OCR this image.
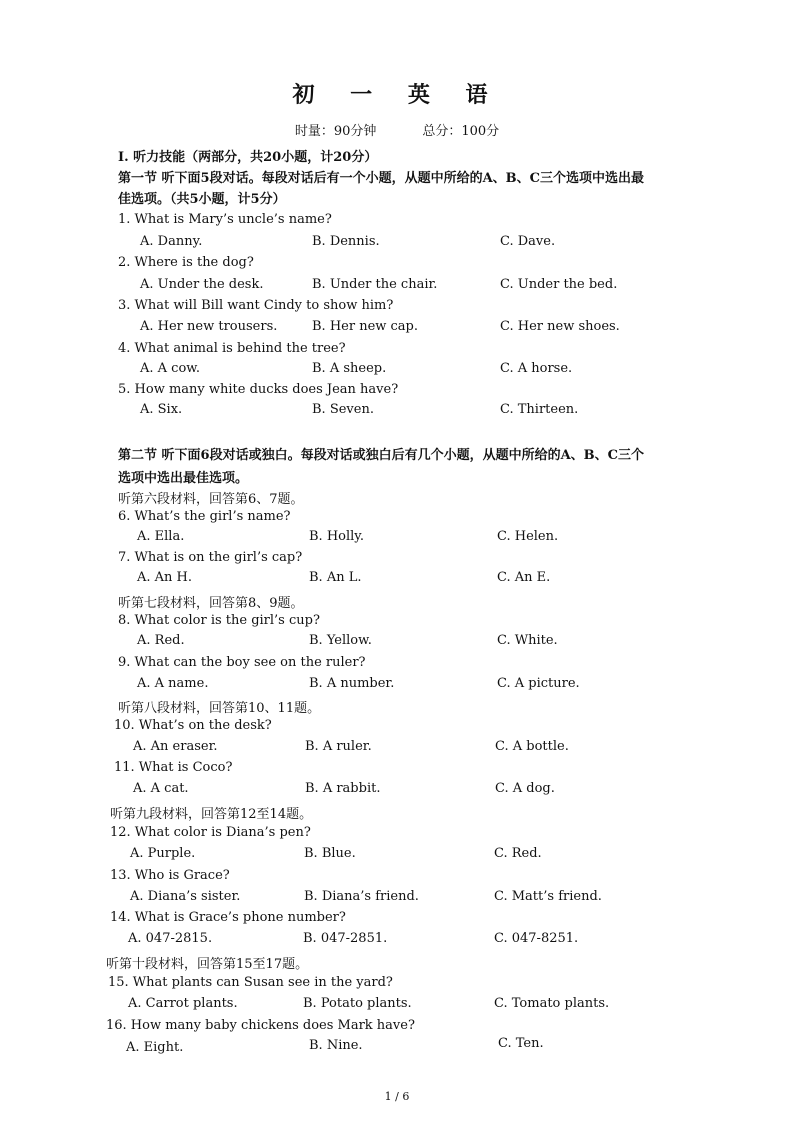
初 一 英 语
时量：90分钟	总分：100分
I. 听力技能（两部分，共20小题，计20分）
第一节 听下面5段对话。每段对话后有一个小题，从题中所给的A、B、C三个选项中选出最
佳选项。（共5小题，计5分）
1. What is Mary’s uncle’s name?
A. Danny.	B. Dennis.	C. Dave.
2. Where is the dog?
A. Under the desk.	B. Under the chair.	C. Under the bed.
3. What will Bill want Cindy to show him?
A. Her new trousers.	B. Her new cap.	C. Her new shoes.
4. What animal is behind the tree?
A. A cow.	B. A sheep.	C. A horse.
5. How many white ducks does Jean have?
A. Six.	B. Seven.	C. Thirteen.
第二节 听下面6段对话或独白。每段对话或独白后有几个小题，从题中所给的A、B、C三个
选项中选出最佳选项。
听第六段材料，回答第6、7题。
6. What’s the girl’s name?
A. Ella.	B. Holly.	C. Helen.
7. What is on the girl’s cap?
A. An H.	B. An L.	C. An E.
听第七段材料，回答第8、9题。
8. What color is the girl’s cup?
A. Red.	B. Yellow.	C. White.
9. What can the boy see on the ruler?
A. A name.	B. A number.	C. A picture.
听第八段材料，回答第10、11题。
10. What’s on the desk?
A. An eraser.	B. A ruler.	C. A bottle.
11. What is Coco?
A. A cat.	B. A rabbit.	C. A dog.
听第九段材料，回答第12至14题。
12. What color is Diana’s pen?
A. Purple.	B. Blue.	C. Red.
13. Who is Grace?
A. Diana’s sister.	B. Diana’s friend.	C. Matt’s friend.
14. What is Grace’s phone number?
A. 047-2815.	B. 047-2851.	C. 047-8251.
听第十段材料，回答第15至17题。
15. What plants can Susan see in the yard?
A. Carrot plants.	B. Potato plants.	C. Tomato plants.
16. How many baby chickens does Mark have?
A. Eight.	B. Nine.	C. Ten.
1 / 6
